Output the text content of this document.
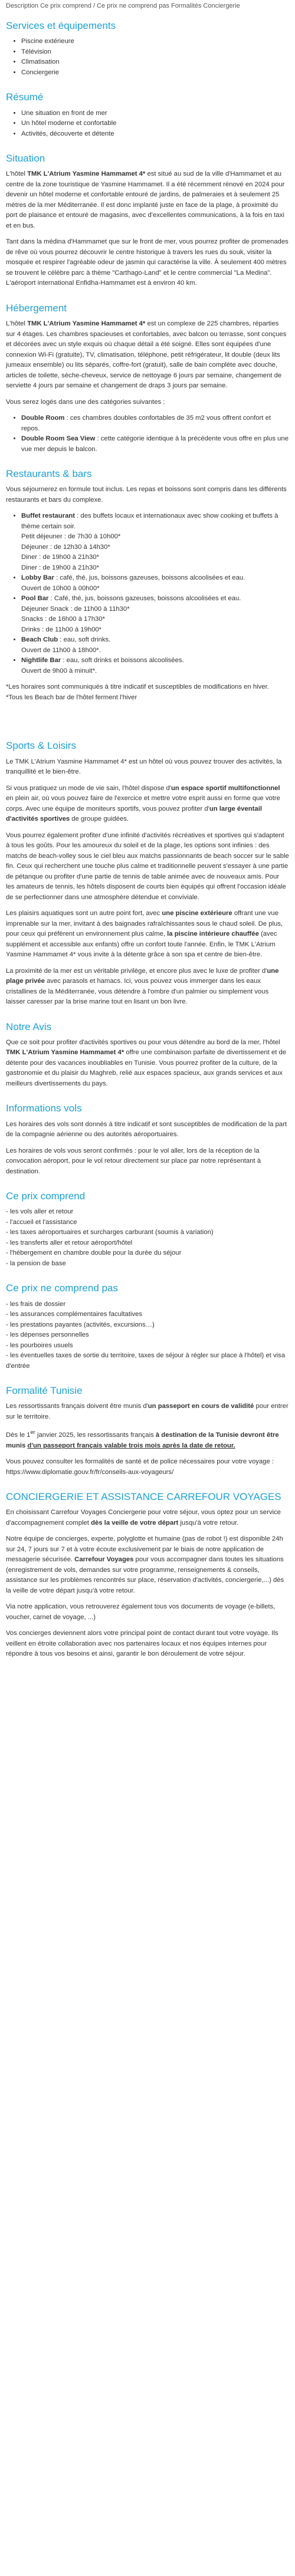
Description Ce prix comprend / Ce prix ne comprend pas Formalités Conciergerie

Services et équipements
• Piscine extérieure
• Télévision
• Climatisation
• Conciergerie
Résumé
• Une situation en front de mer
• Un hôtel moderne et confortable
• Activités, découverte et détente
Situation

L'hôtel TMK L'Atrium Yasmine Hammamet 4* est situé au sud de la ville d'Hammamet et au centre de la zone touristique de Yasmine Hammamet. Il a été récemment rénové en 2024 pour devenir un hôtel moderne et confortable entouré de jardins, de palmeraies et à seulement 25 mètres de la mer Méditerranée. Il est donc implanté juste en face de la plage, à proximité du port de plaisance et entouré de magasins, avec d'excellentes communications, à la fois en taxi et en bus.

Tant dans la médina d'Hammamet que sur le front de mer, vous pourrez profiter de promenades de rêve où vous pourrez découvrir le centre historique à travers les rues du souk, visiter la mosquée et respirer l'agréable odeur de jasmin qui caractérise la ville. À seulement 400 mètres se trouvent le célèbre parc à thème "Carthago-Land" et le centre commercial "La Medina". L'aéroport international Enfidha-Hammamet est à environ 40 km.

Hébergement

L'hôtel TMK L'Atrium Yasmine Hammamet 4* est un complexe de 225 chambres, réparties sur 4 étages. Les chambres spacieuses et confortables, avec balcon ou terrasse, sont conçues et décorées avec un style exquis où chaque détail a été soigné. Elles sont équipées d'une connexion Wi-Fi (gratuite), TV, climatisation, téléphone, petit réfrigérateur, lit double (deux lits jumeaux ensemble) ou lits séparés, coffre-fort (gratuit), salle de bain complète avec douche, articles de toilette, sèche-cheveux, service de nettoyage 6 jours par semaine, changement de serviette 4 jours par semaine et changement de draps 3 jours par semaine.

Vous serez logés dans une des catégories suivantes :

• Double Room : ces chambres doubles confortables de 35 m2 vous offrent confort et repos.
• Double Room Sea View : cette catégorie identique à la précédente vous offre en plus une vue mer depuis le balcon.
Restaurants & bars

Vous séjournerez en formule tout inclus. Les repas et boissons sont compris dans les différents restaurants et bars du complexe.

• Buffet restaurant : des buffets locaux et internationaux avec show cooking et buffets à thème certain soir.
Petit déjeuner : de 7h30 à 10h00*
Déjeuner : de 12h30 à 14h30*
Diner : de 19h00 à 21h30*
Diner : de 19h00 à 21h30*
• Lobby Bar : café, thé, jus, boissons gazeuses, boissons alcoolisées et eau.
Ouvert de 10h00 à 00h00*
• Pool Bar : Café, thé, jus, boissons gazeuses, boissons alcoolisées et eau.
Déjeuner Snack : de 11h00 à 11h30*
Snacks : de 16h00 à 17h30*
Drinks : de 11h00 à 19h00*
• Beach Club : eau, soft drinks.
Ouvert de 11h00 à 18h00*.
• Nightlife Bar : eau, soft drinks et boissons alcoolisées.
Ouvert de 9h00 à minuit*.

*Les horaires sont communiqués à titre indicatif et susceptibles de modifications en hiver.
*Tous les Beach bar de l'hôtel ferment l'hiver

Sports & Loisirs

Le TMK L'Atrium Yasmine Hammamet 4* est un hôtel où vous pouvez trouver des activités, la tranquillité et le bien-être.

Si vous pratiquez un mode de vie sain, l'hôtel dispose d'un espace sportif multifonctionnel en plein air, où vous pouvez faire de l'exercice et mettre votre esprit aussi en forme que votre corps. Avec une équipe de moniteurs sportifs, vous pouvez profiter d'un large éventail d'activités sportives de groupe guidées.

Vous pourrez également profiter d'une infinité d'activités récréatives et sportives qui s'adaptent à tous les goûts. Pour les amoureux du soleil et de la plage, les options sont infinies : des matchs de beach-volley sous le ciel bleu aux matchs passionnants de beach soccer sur le sable fin. Ceux qui recherchent une touche plus calme et traditionnelle peuvent s'essayer à une partie de pétanque ou profiter d'une partie de tennis de table animée avec de nouveaux amis. Pour les amateurs de tennis, les hôtels disposent de courts bien équipés qui offrent l'occasion idéale de se perfectionner dans une atmosphère détendue et conviviale.

Les plaisirs aquatiques sont un autre point fort, avec une piscine extérieure offrant une vue imprenable sur la mer, invitant à des baignades rafraîchissantes sous le chaud soleil. De plus, pour ceux qui préfèrent un environnement plus calme, la piscine intérieure chauffée (avec supplément et accessible aux enfants) offre un confort toute l'année. Enfin, le TMK L'Atrium Yasmine Hammamet 4* vous invite à la détente grâce à son spa et centre de bien-être.

La proximité de la mer est un véritable privilège, et encore plus avec le luxe de profiter d'une plage privée avec parasols et hamacs. Ici, vous pouvez vous immerger dans les eaux cristallines de la Méditerranée, vous détendre à l'ombre d'un palmier ou simplement vous laisser caresser par la brise marine tout en lisant un bon livre.

Notre Avis

Que ce soit pour profiter d'activités sportives ou pour vous détendre au bord de la mer, l'hôtel TMK L'Atrium Yasmine Hammamet 4* offre une combinaison parfaite de divertissement et de détente pour des vacances inoubliables en Tunisie. Vous pourrez profiter de la culture, de la gastronomie et du plaisir du Maghreb, relié aux espaces spacieux, aux grands services et aux meilleurs divertissements du pays.

Informations vols

Les horaires des vols sont donnés à titre indicatif et sont susceptibles de modification de la part de la compagnie aérienne ou des autorités aéroportuaires.

Les horaires de vols vous seront confirmés : pour le vol aller, lors de la réception de la convocation aéroport, pour le vol retour directement sur place par notre représentant à destination.

Ce prix comprend
- les vols aller et retour
- l'accueil et l'assistance
- les taxes aéroportuaires et surcharges carburant (soumis à variation)
- les transferts aller et retour aéroport/hôtel
- l'hébergement en chambre double pour la durée du séjour
- la pension de base
Ce prix ne comprend pas
- les frais de dossier
- les assurances complémentaires facultatives
- les prestations payantes (activités, excursions…)
- les dépenses personnelles
- les pourboires usuels
- les éventuelles taxes de sortie du territoire, taxes de séjour à régler sur place à l'hôtel) et visa d'entrée
Formalité Tunisie

Les ressortissants français doivent être munis d'un passeport en cours de validité pour entrer sur le territoire.

Dès le 1er janvier 2025, les ressortissants français à destination de la Tunisie devront être munis d'un passeport français valable trois mois après la date de retour.

Vous pouvez consulter les formalités de santé et de police nécessaires pour votre voyage : https://www.diplomatie.gouv.fr/fr/conseils-aux-voyageurs/

CONCIERGERIE ET ASSISTANCE CARREFOUR VOYAGES

En choisissant Carrefour Voyages Conciergerie pour votre séjour, vous optez pour un service d'accompagnement complet dès la veille de votre départ jusqu'à votre retour.

Notre équipe de concierges, experte, polyglotte et humaine (pas de robot !) est disponible 24h sur 24, 7 jours sur 7 et à votre écoute exclusivement par le biais de notre application de messagerie sécurisée. Carrefour Voyages pour vous accompagner dans toutes les situations (enregistrement de vols, demandes sur votre programme, renseignements & conseils, assistance sur les problèmes rencontrés sur place, réservation d'activités, conciergerie,...) dès la veille de votre départ jusqu'à votre retour.

Via notre application, vous retrouverez également tous vos documents de voyage (e-billets, voucher, carnet de voyage, ...)

Vos concierges deviennent alors votre principal point de contact durant tout votre voyage. Ils veillent en étroite collaboration avec nos partenaires locaux et nos équipes internes pour répondre à tous vos besoins et ainsi, garantir le bon déroulement de votre séjour.
